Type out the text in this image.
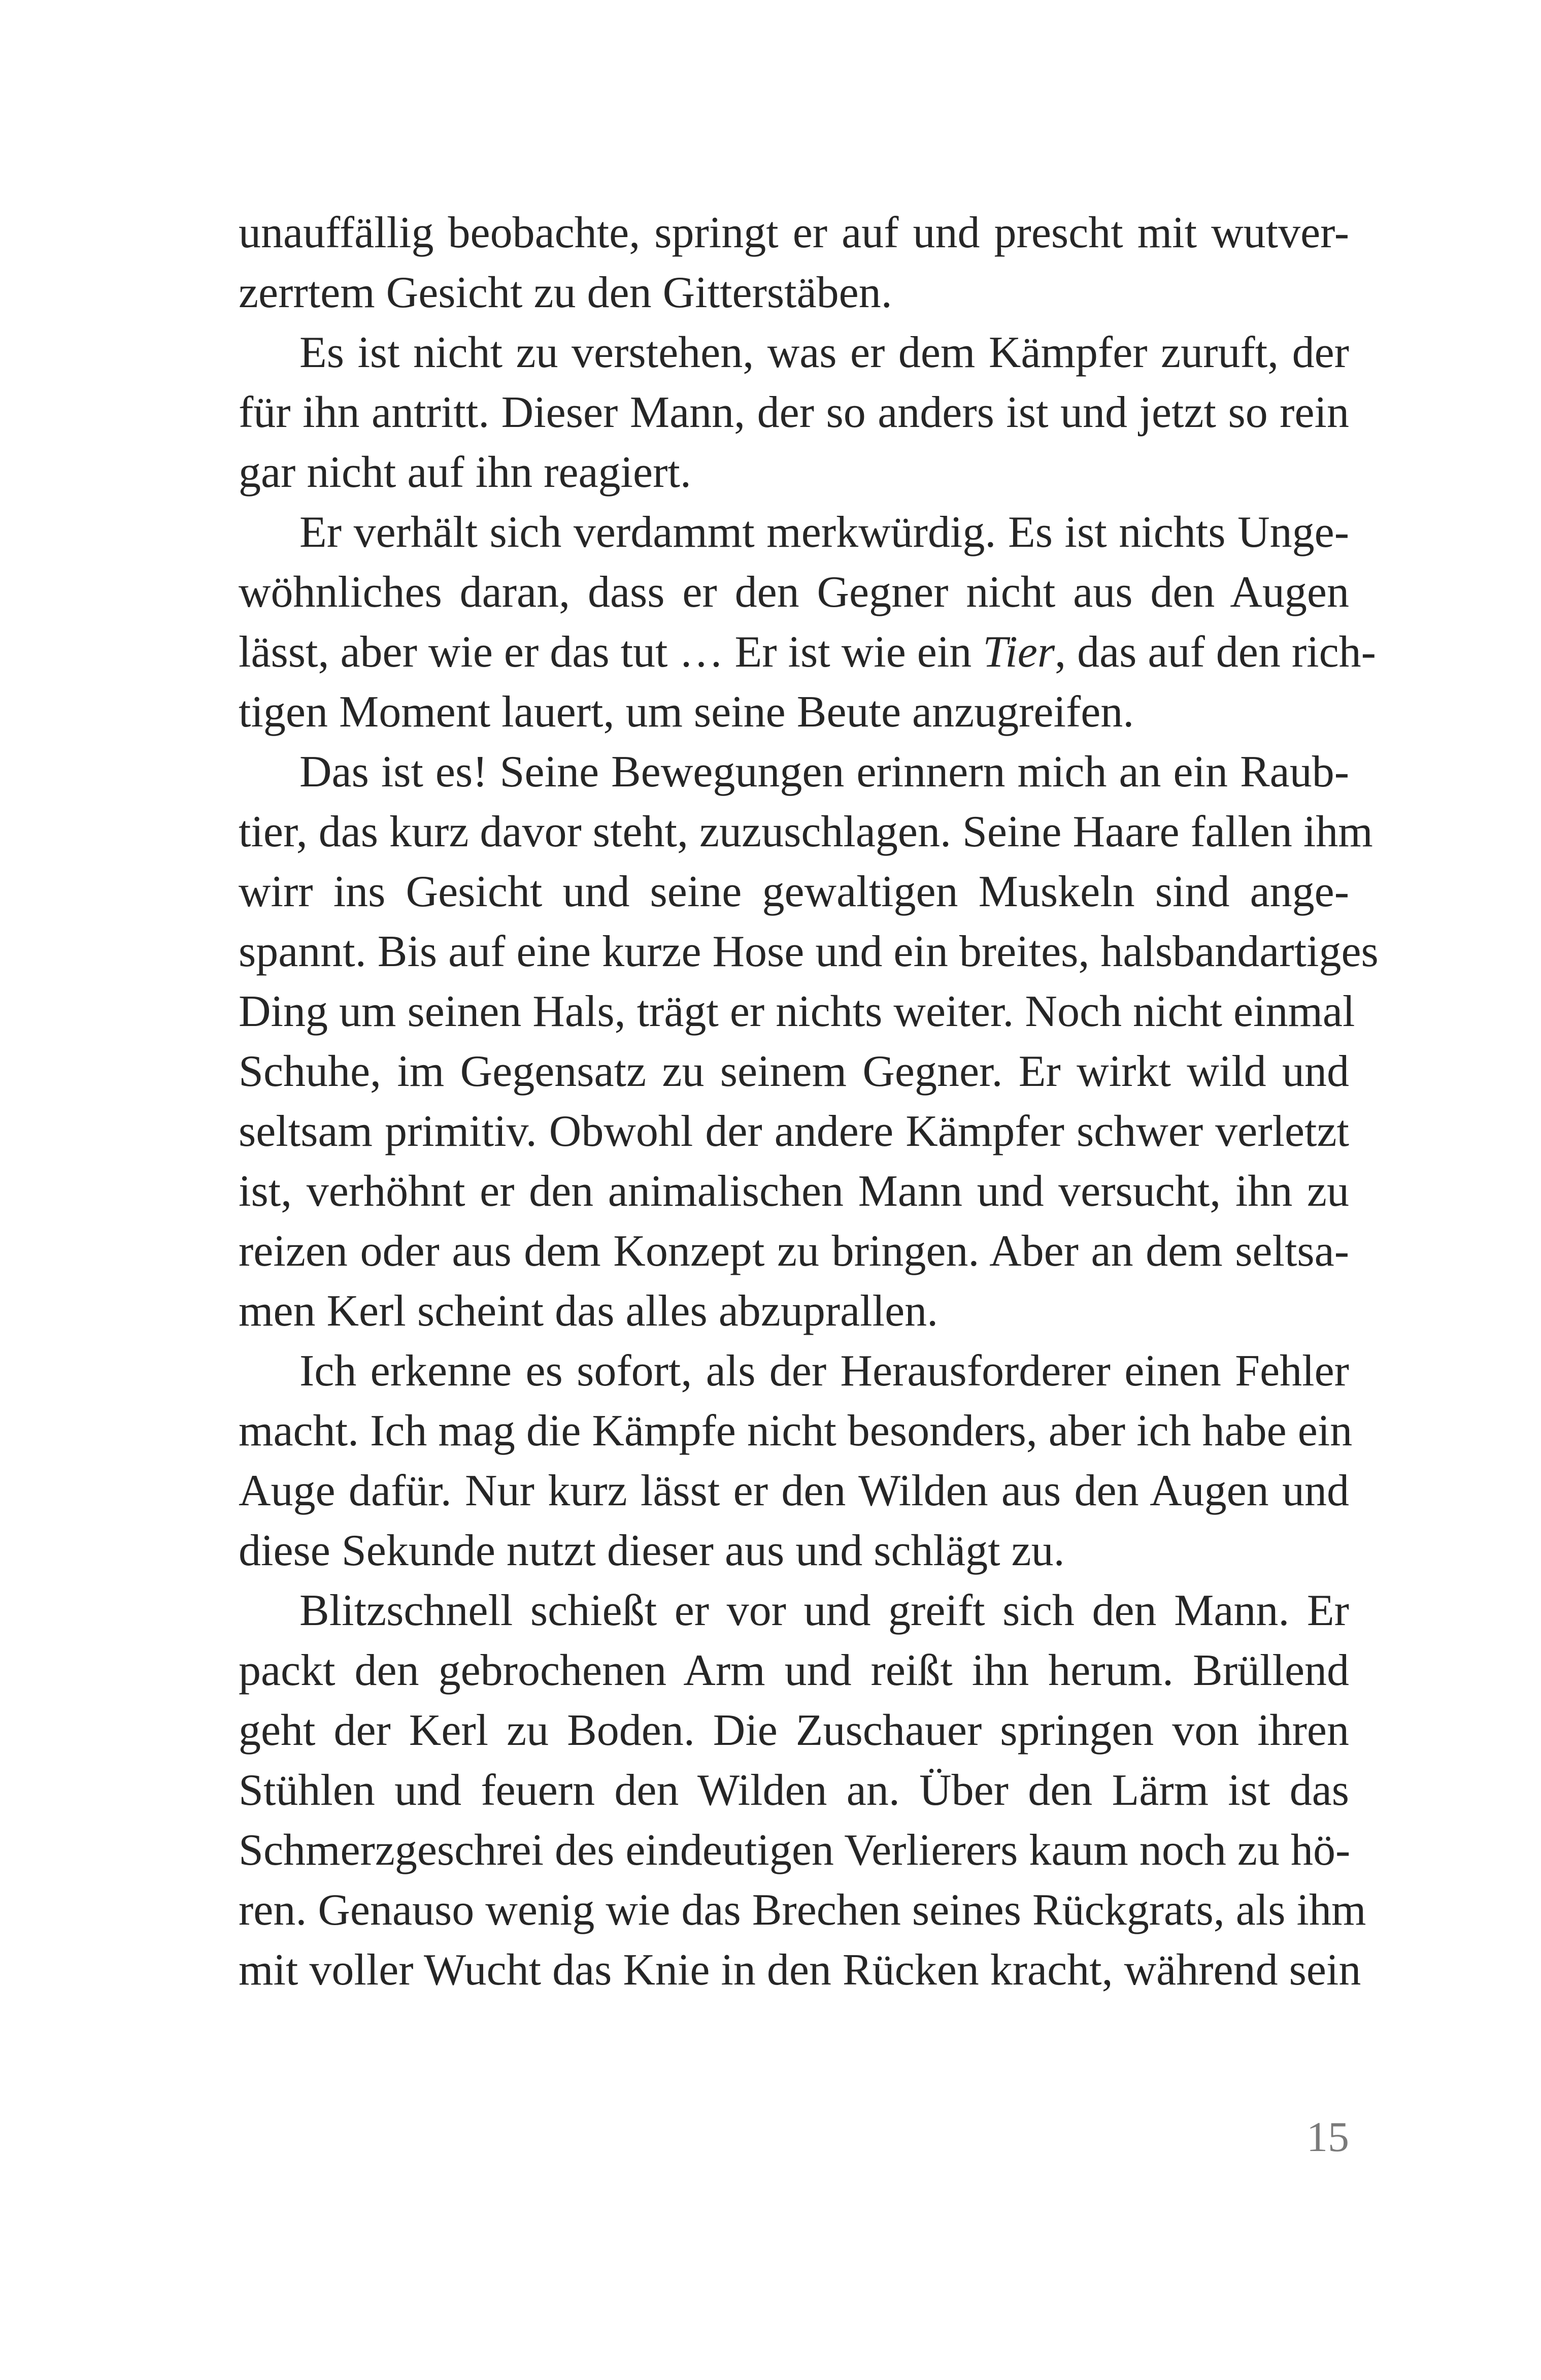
unauffällig beobachte, springt er auf und prescht mit wutver-
zerrtem Gesicht zu den Gitterstäben.
Es ist nicht zu verstehen, was er dem Kämpfer zuruft, der
für ihn antritt. Dieser Mann, der so anders ist und jetzt so rein
gar nicht auf ihn reagiert.
Er verhält sich verdammt merkwürdig. Es ist nichts Unge-
wöhnliches daran, dass er den Gegner nicht aus den Augen
lässt, aber wie er das tut … Er ist wie ein Tier, das auf den rich-
tigen Moment lauert, um seine Beute anzugreifen.
Das ist es! Seine Bewegungen erinnern mich an ein Raub-
tier, das kurz davor steht, zuzuschlagen. Seine Haare fallen ihm
wirr ins Gesicht und seine gewaltigen Muskeln sind ange-
spannt. Bis auf eine kurze Hose und ein breites, halsbandartiges
Ding um seinen Hals, trägt er nichts weiter. Noch nicht einmal
Schuhe, im Gegensatz zu seinem Gegner. Er wirkt wild und
seltsam primitiv. Obwohl der andere Kämpfer schwer verletzt
ist, verhöhnt er den animalischen Mann und versucht, ihn zu
reizen oder aus dem Konzept zu bringen. Aber an dem seltsa-
men Kerl scheint das alles abzuprallen.
Ich erkenne es sofort, als der Herausforderer einen Fehler
macht. Ich mag die Kämpfe nicht besonders, aber ich habe ein
Auge dafür. Nur kurz lässt er den Wilden aus den Augen und
diese Sekunde nutzt dieser aus und schlägt zu.
Blitzschnell schießt er vor und greift sich den Mann. Er
packt den gebrochenen Arm und reißt ihn herum. Brüllend
geht der Kerl zu Boden. Die Zuschauer springen von ihren
Stühlen und feuern den Wilden an. Über den Lärm ist das
Schmerzgeschrei des eindeutigen Verlierers kaum noch zu hö-
ren. Genauso wenig wie das Brechen seines Rückgrats, als ihm
mit voller Wucht das Knie in den Rücken kracht, während sein
15
